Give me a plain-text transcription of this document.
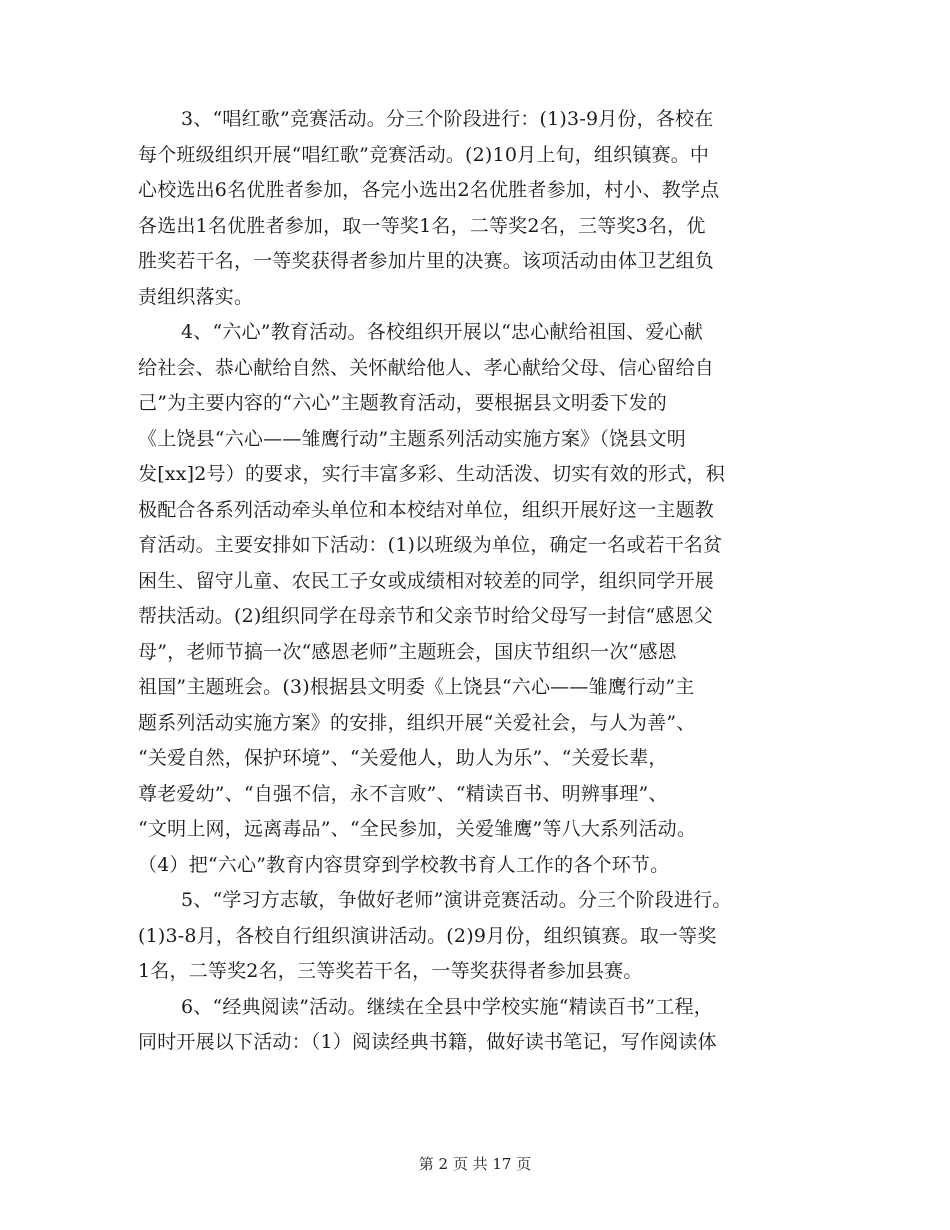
3、“唱红歌”竞赛活动。分三个阶段进行：(1)3-9月份，各校在
每个班级组织开展“唱红歌”竞赛活动。(2)10月上旬，组织镇赛。中
心校选出6名优胜者参加，各完小选出2名优胜者参加，村小、教学点
各选出1名优胜者参加，取一等奖1名，二等奖2名，三等奖3名，优
胜奖若干名，一等奖获得者参加片里的决赛。该项活动由体卫艺组负
责组织落实。
4、“六心”教育活动。各校组织开展以“忠心献给祖国、爱心献
给社会、恭心献给自然、关怀献给他人、孝心献给父母、信心留给自
己”为主要内容的“六心”主题教育活动，要根据县文明委下发的
《上饶县“六心——雏鹰行动”主题系列活动实施方案》（饶县文明
发[xx]2号）的要求，实行丰富多彩、生动活泼、切实有效的形式，积
极配合各系列活动牵头单位和本校结对单位，组织开展好这一主题教
育活动。主要安排如下活动：(1)以班级为单位，确定一名或若干名贫
困生、留守儿童、农民工子女或成绩相对较差的同学，组织同学开展
帮扶活动。(2)组织同学在母亲节和父亲节时给父母写一封信“感恩父
母”，老师节搞一次“感恩老师”主题班会，国庆节组织一次“感恩
祖国”主题班会。(3)根据县文明委《上饶县“六心——雏鹰行动”主
题系列活动实施方案》的安排，组织开展“关爱社会，与人为善”、
“关爱自然，保护环境”、“关爱他人，助人为乐”、“关爱长辈，
尊老爱幼”、“自强不信，永不言败”、“精读百书、明辨事理”、
“文明上网，远离毒品”、“全民参加，关爱雏鹰”等八大系列活动。
（4）把“六心”教育内容贯穿到学校教书育人工作的各个环节。
5、“学习方志敏，争做好老师”演讲竞赛活动。分三个阶段进行。
(1)3-8月，各校自行组织演讲活动。(2)9月份，组织镇赛。取一等奖
1名，二等奖2名，三等奖若干名，一等奖获得者参加县赛。
6、“经典阅读”活动。继续在全县中学校实施“精读百书”工程，
同时开展以下活动：（1）阅读经典书籍，做好读书笔记，写作阅读体
第 2 页 共 17 页
